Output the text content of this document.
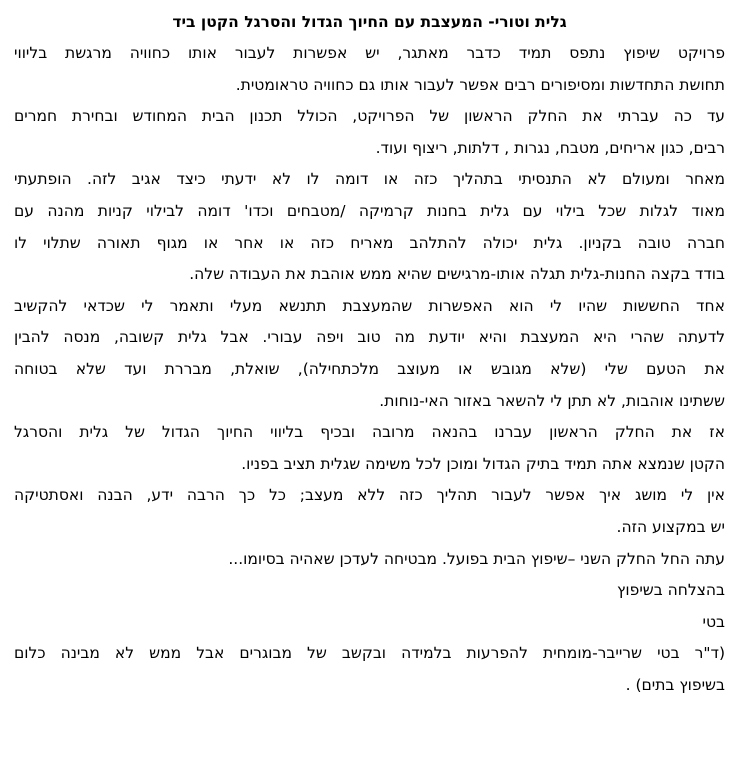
גלית וטורי- המעצבת עם החיוך הגדול והסרגל הקטן ביד
פרויקט שיפוץ נתפס תמיד כדבר מאתגר, יש אפשרות לעבור אותו כחוויה מרגשת בליווי
תחושת התחדשות ומסיפורים רבים אפשר לעבור אותו גם כחוויה טראומטית.
עד כה עברתי את החלק הראשון של הפרויקט, הכולל תכנון הבית המחודש ובחירת חמרים
רבים, כגון אריחים, מטבח, נגרות , דלתות, ריצוף ועוד.
מאחר ומעולם לא התנסיתי בתהליך כזה או דומה לו לא ידעתי כיצד אגיב לזה. הופתעתי
מאוד לגלות שכל בילוי עם גלית בחנות קרמיקה /מטבחים וכדו' דומה לבילוי קניות מהנה עם
חברה טובה בקניון. גלית יכולה להתלהב מאריח כזה או אחר או מגוף תאורה שתלוי לו
בודד בקצה החנות-גלית תגלה אותו-מרגישים שהיא ממש אוהבת את העבודה שלה.
אחד החששות שהיו לי הוא האפשרות שהמעצבת תתנשא מעלי ותאמר לי שכדאי להקשיב
לדעתה שהרי היא המעצבת והיא יודעת מה טוב ויפה עבורי. אבל גלית קשובה, מנסה להבין
את הטעם שלי (שלא מגובש או מעוצב מלכתחילה), שואלת, מבררת ועד שלא בטוחה
ששתינו אוהבות, לא תתן לי להשאר באזור האי-נוחות.
אז את החלק הראשון עברנו בהנאה מרובה ובכיף בליווי החיוך הגדול של גלית והסרגל
הקטן שנמצא אתה תמיד בתיק הגדול ומוכן לכל משימה שגלית תציב בפניו.
אין לי מושג איך אפשר לעבור תהליך כזה ללא מעצב; כל כך הרבה ידע, הבנה ואסתטיקה
יש במקצוע הזה.
עתה החל החלק השני –שיפוץ הבית בפועל. מבטיחה לעדכן שאהיה בסיומו...
בהצלחה בשיפוץ
בטי
(ד"ר בטי שרייבר-מומחית להפרעות בלמידה ובקשב של מבוגרים אבל ממש לא מבינה כלום
בשיפוץ בתים) .
